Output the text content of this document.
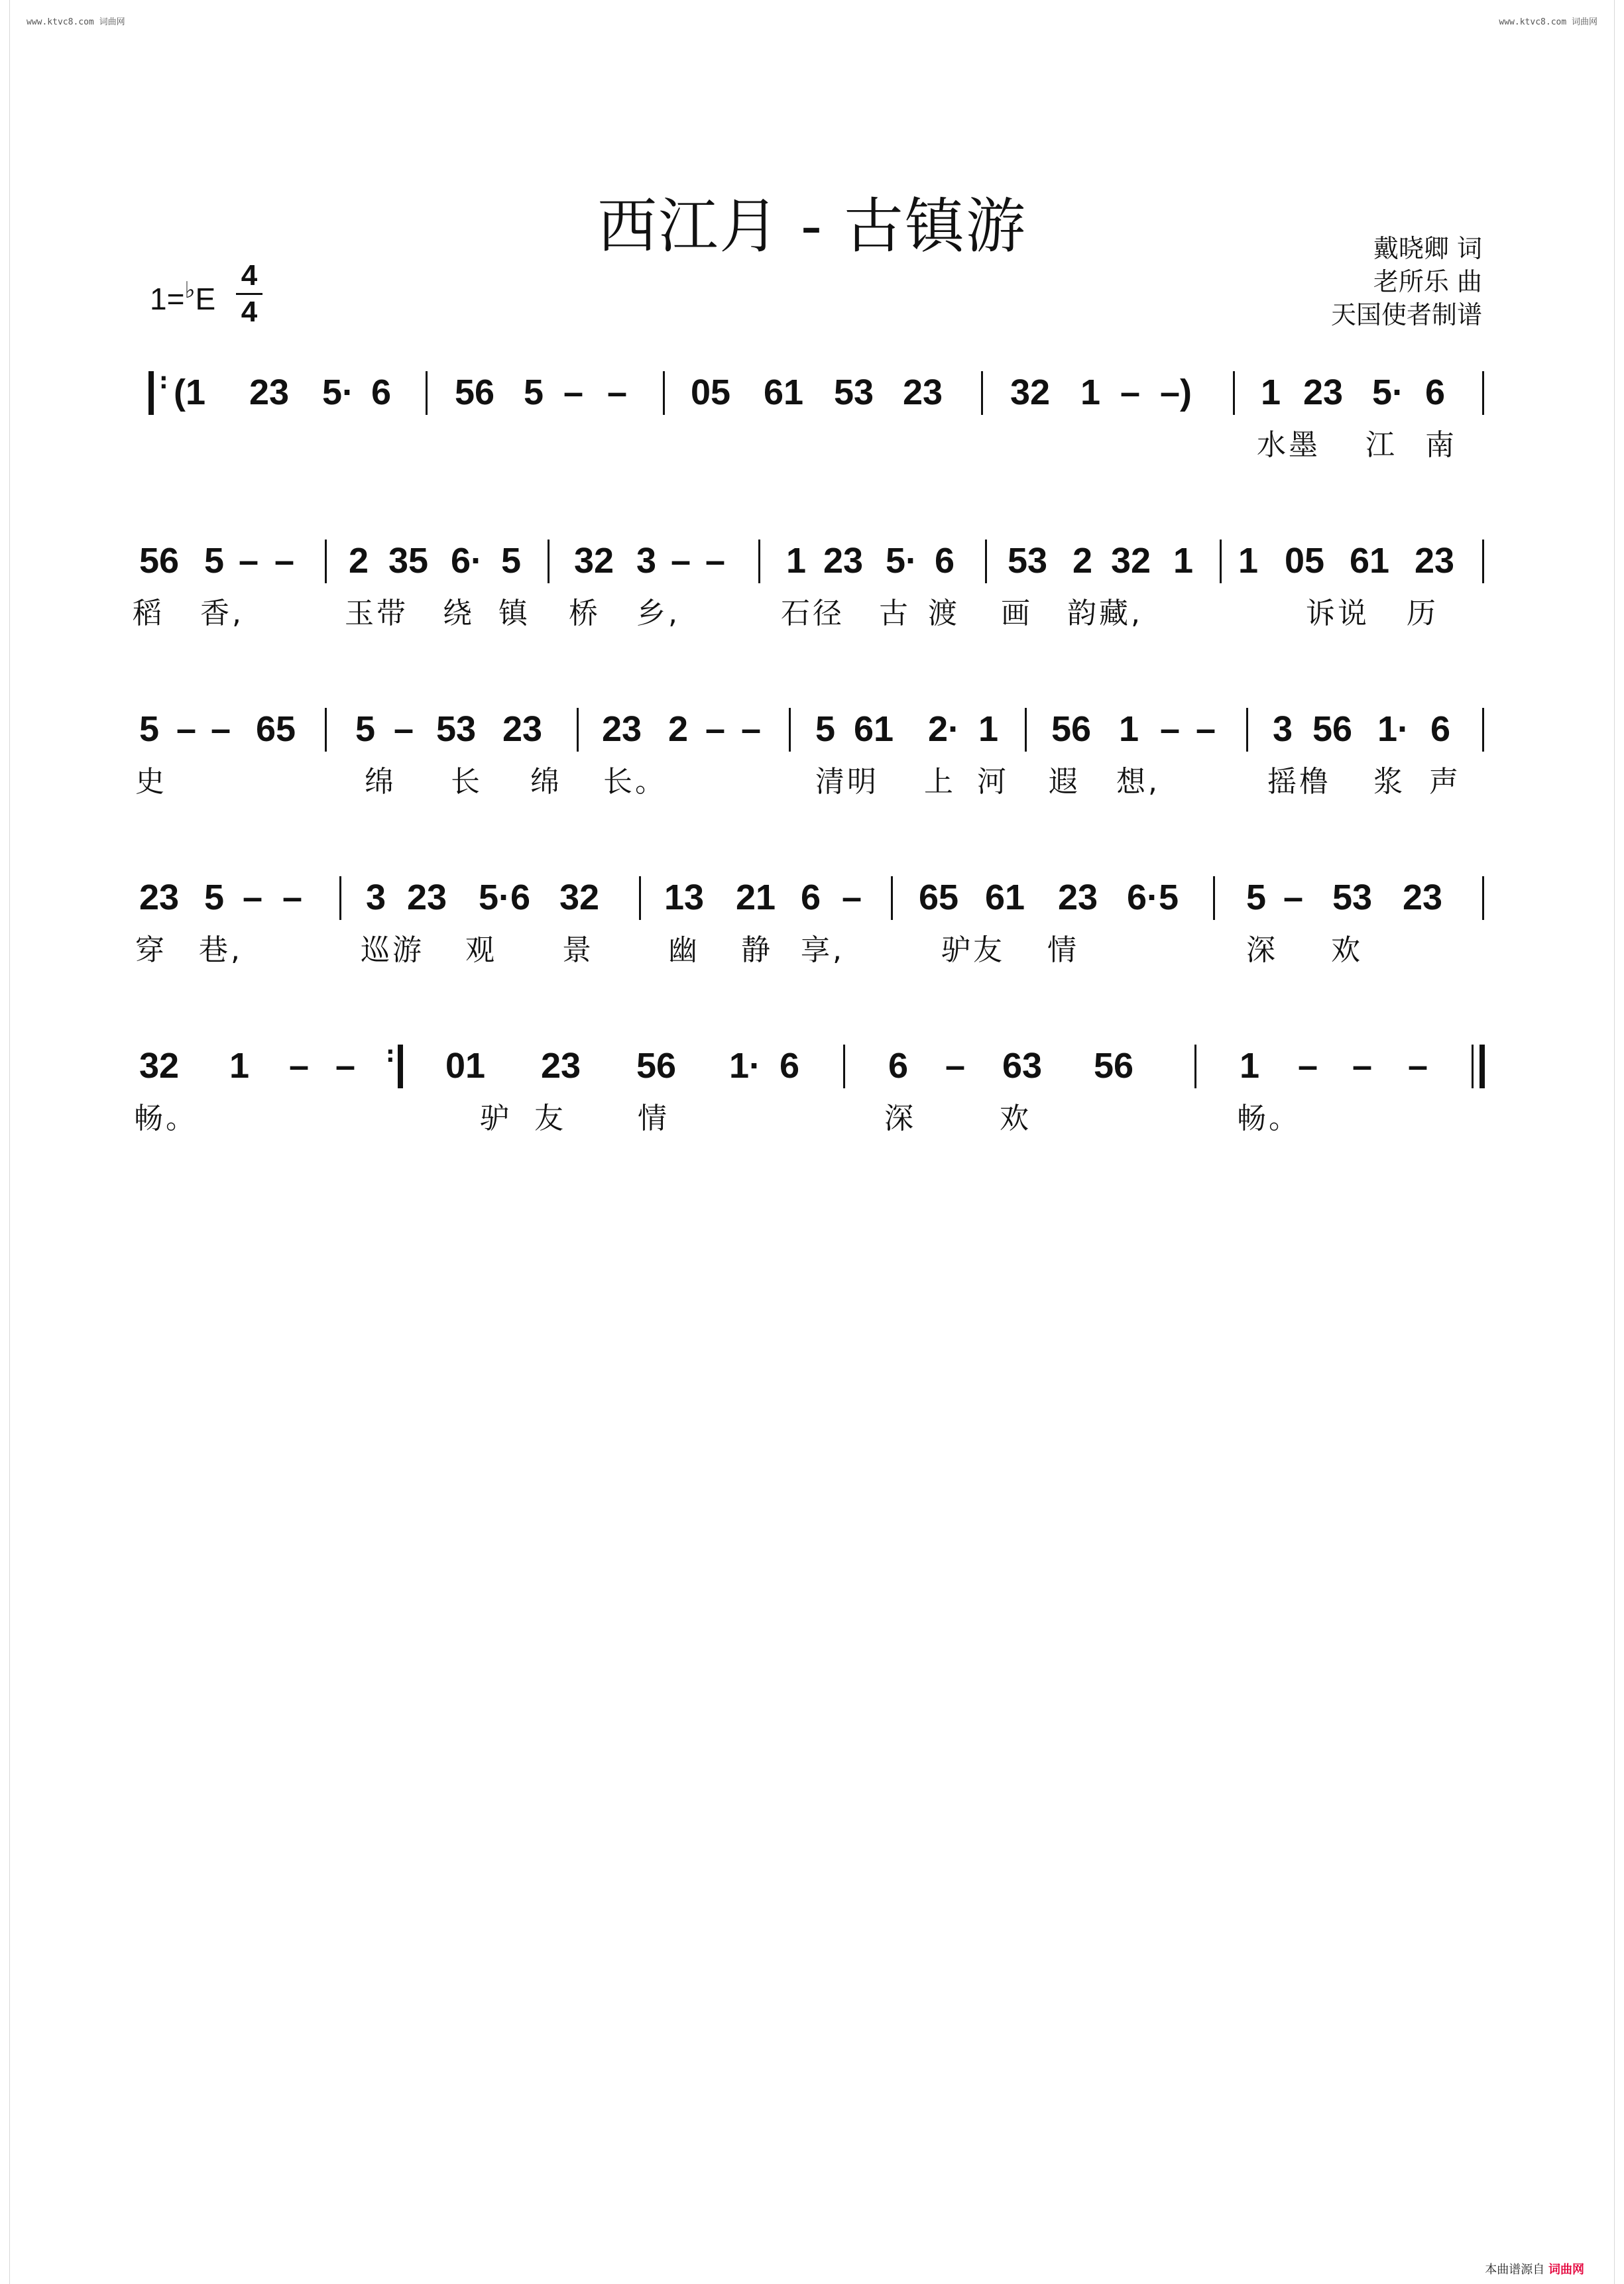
www.ktvc8.com 词曲网	www.ktvc8.com 词曲网
西江月 - 古镇游
1=♭E
4
4
戴晓卿 词
老所乐 曲
天国使者制谱
: (1 23 5· 6 56 5 – – 05 61 53 23 32 1 – –) 1 23 5· 6
水墨 江 南
56 5 – – 2 35 6· 5 32 3 – – 1 23 5· 6 53 2 32 1 1 05 61 23
稻 香,	玉带 绕 镇 桥 乡,	石径 古 渡 画 韵藏,	诉说 历
5 – – 65 5 – 53 23 23 2 – – 5 61 2· 1 56 1 – – 3 56 1· 6
史	绵 长 绵 长。	清明 上 河 遐 想,	摇橹 浆 声
23 5 – – 3 23 5·6 32 13 21 6 – 65 61 23 6·5 5 – 53 23
穿 巷,	巡游 观 景	幽 静 享,	驴友 情	深 欢
32 1 – – : 01 23 56 1· 6 6 – 63 56	1 – – –
畅。	驴 友 情	深	欢	畅。
本曲谱源自 词曲网
